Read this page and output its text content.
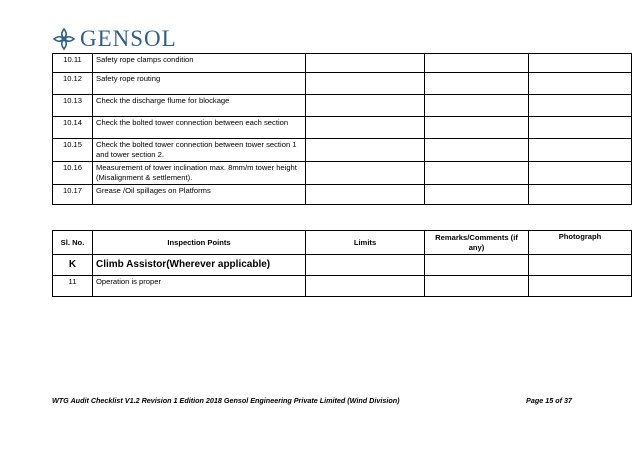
GENSOL
10.11	Safety rope clamps condition			
10.12	Safety rope routing			
10.13	Check the discharge flume for blockage			
10.14	Check the bolted tower connection between each section			
10.15	Check the bolted tower connection between tower section 1 and tower section 2.			
10.16	Measurement of tower inclination max. 8mm/m tower height (Misalignment & settlement).			
10.17	Grease /Oil spillages on Platforms			
Sl. No.	Inspection Points	Limits	Remarks/Comments (if any)	Photograph
K	Climb Assistor(Wherever applicable)			
11	Operation is proper			
WTG Audit Checklist V1.2 Revision 1 Edition 2018 Gensol Engineering Private Limited (Wind Division)	Page 15 of 37
